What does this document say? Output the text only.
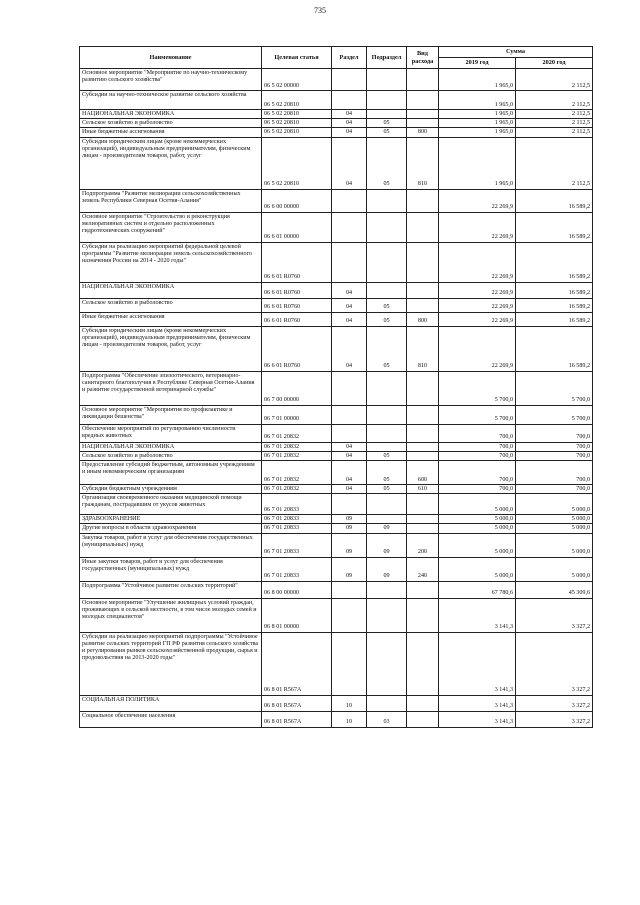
735
Наименование	Целевая статья	Раздел	Подраздел	Вид расхода	Сумма	
					2019 год	2020 год
Основное мероприятие "Мероприятие по научно-техническому развитию сельского хозяйства"	06 5 02 00000				1 965,0	2 112,5
Субсидии на научно-техническое развитие сельского хозяйства	06 5 02 20810				1 965,0	2 112,5
НАЦИОНАЛЬНАЯ ЭКОНОМИКА	06 5 02 20810	04			1 965,0	2 112,5
Сельское хозяйство и рыболовство	06 5 02 20810	04	05		1 965,0	2 112,5
Иные бюджетные ассигнования	06 5 02 20810	04	05	800	1 965,0	2 112,5
Субсидии юридическим лицам (кроме некоммерческих организаций), индивидуальным предпринимателям, физическим лицам - производителям товаров, работ, услуг	06 5 02 20810	04	05	810	1 965,0	2 112,5
Подпрограмма "Развитие мелиорации сельскохозяйственных земель Республики Северная Осетия-Алания"	06 6 00 00000				22 269,9	16 589,2
Основное мероприятие "Строительство и реконструкция мелиоративных систем и отдельно расположенных гидротехнических сооружений"	06 6 01 00000				22 269,9	16 589,2
Субсидии на реализацию мероприятий федеральной целевой программы "Развитие мелиорации земель сельскохозяйственного назначения России на 2014 - 2020 годы"	06 6 01 R0760				22 269,9	16 589,2
НАЦИОНАЛЬНАЯ ЭКОНОМИКА	06 6 01 R0760	04			22 269,9	16 589,2
Сельское хозяйство и рыболовство	06 6 01 R0760	04	05		22 269,9	16 589,2
Иные бюджетные ассигнования	06 6 01 R0760	04	05	800	22 269,9	16 589,2
Субсидии юридическим лицам (кроме некоммерческих организаций), индивидуальным предпринимателям, физическим лицам - производителям товаров, работ, услуг	06 6 01 R0760	04	05	810	22 269,9	16 589,2
Подпрограмма "Обеспечение эпизоотического, ветеринарно-санитарного благополучия в Республике Северная Осетия-Алания и развитие государственной ветеринарной службы"	06 7 00 00000				5 700,0	5 700,0
Основное мероприятие "Мероприятия по профилактике и ликвидации бешенства"	06 7 01 00000				5 700,0	5 700,0
Обеспечение мероприятий по регулированию численности вредных животных	06 7 01 20832				700,0	700,0
НАЦИОНАЛЬНАЯ ЭКОНОМИКА	06 7 01 20832	04			700,0	700,0
Сельское хозяйство и рыболовство	06 7 01 20832	04	05		700,0	700,0
Предоставление субсидий бюджетным, автономным учреждениям и иным некоммерческим организациям	06 7 01 20832	04	05	600	700,0	700,0
Субсидии бюджетным учреждениям	06 7 01 20832	04	05	610	700,0	700,0
Организация своевременного оказания медицинской помощи гражданам, пострадавшим от укусов животных	06 7 01 20833				5 000,0	5 000,0
ЗДРАВООХРАНЕНИЕ	06 7 01 20833	09			5 000,0	5 000,0
Другие вопросы в области здравоохранения	06 7 01 20833	09	09		5 000,0	5 000,0
Закупка товаров, работ и услуг для обеспечения государственных (муниципальных) нужд	06 7 01 20833	09	09	200	5 000,0	5 000,0
Иные закупки товаров, работ и услуг для обеспечения государственных (муниципальных) нужд	06 7 01 20833	09	09	240	5 000,0	5 000,0
Подпрограмма "Устойчивое развитие сельских территорий"	06 8 00 00000				67 780,6	45 309,6
Основное мероприятие "Улучшение жилищных условий граждан, проживающих в сельской местности, в том числе молодых семей и молодых специалистов"	06 8 01 00000				3 141,3	3 327,2
Субсидии на реализацию мероприятий подпрограммы "Устойчивое развитие сельских территорий ГП РФ развития сельского хозяйства и регулирования рынков сельскохозяйственной продукции, сырья и продовольствия на 2013-2020 годы"	06 8 01 R567A				3 141,3	3 327,2
СОЦИАЛЬНАЯ ПОЛИТИКА	06 8 01 R567A	10			3 141,3	3 327,2
Социальное обеспечение населения	06 8 01 R567A	10	03		3 141,3	3 327,2
